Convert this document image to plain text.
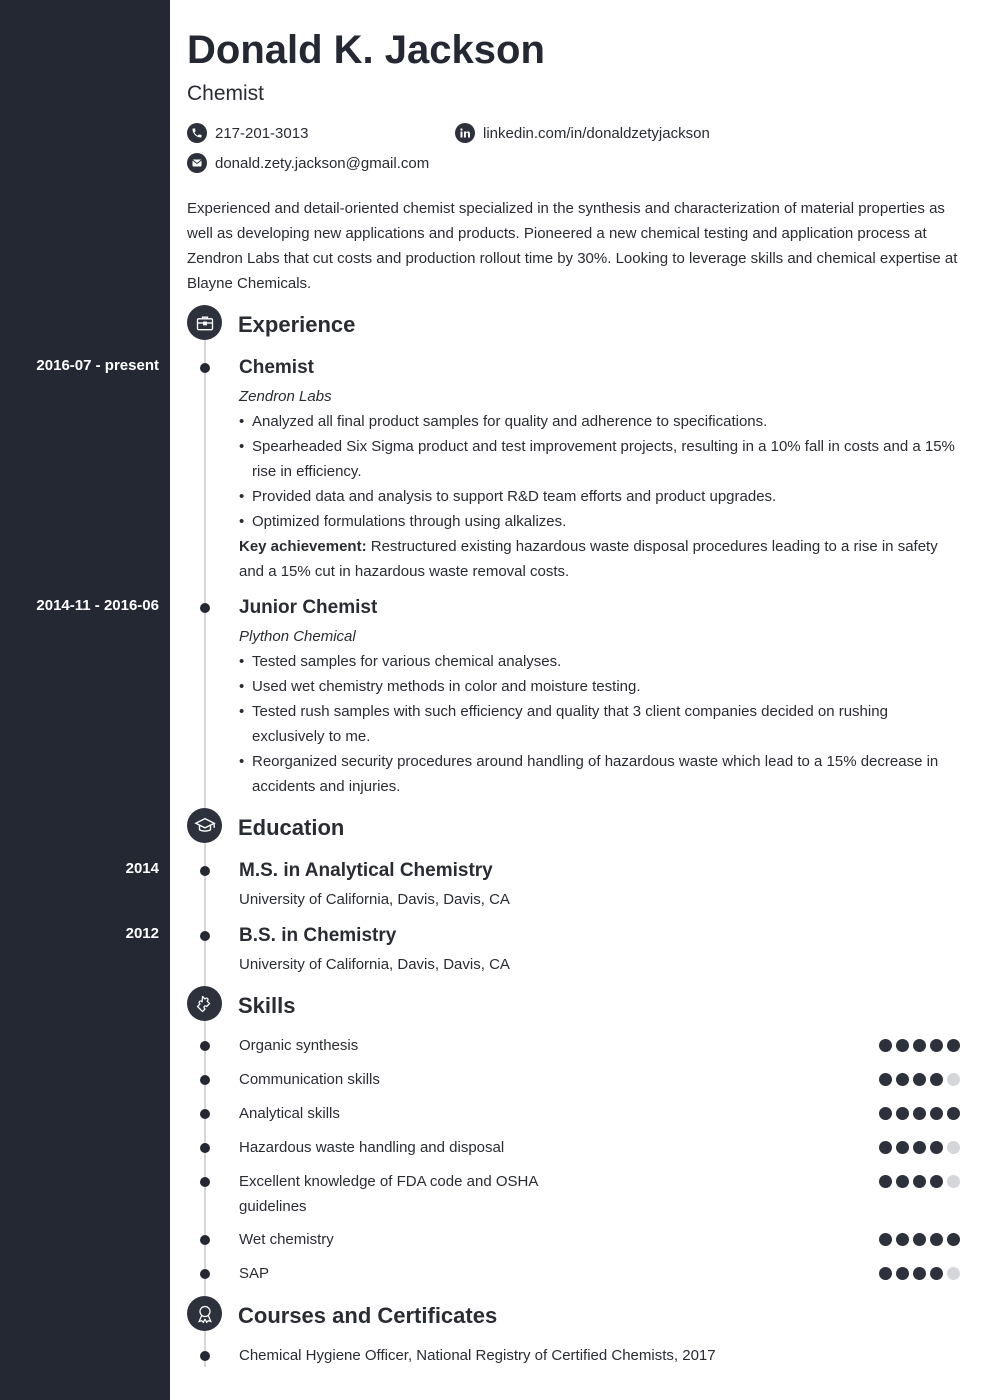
Donald K. Jackson
Chemist
217-201-3013	linkedin.com/in/donaldzetyjackson
donald.zety.jackson@gmail.com

Experienced and detail-oriented chemist specialized in the synthesis and characterization of material properties as well as developing new applications and products. Pioneered a new chemical testing and application process at Zendron Labs that cut costs and production rollout time by 30%. Looking to leverage skills and chemical expertise at Blayne Chemicals.

Experience
2016-07 - present	Chemist
Zendron Labs
• Analyzed all final product samples for quality and adherence to specifications.
• Spearheaded Six Sigma product and test improvement projects, resulting in a 10% fall in costs and a 15% rise in efficiency.
• Provided data and analysis to support R&D team efforts and product upgrades.
• Optimized formulations through using alkalizes.

Key achievement: Restructured existing hazardous waste disposal procedures leading to a rise in safety and a 15% cut in hazardous waste removal costs.

2014-11 - 2016-06	Junior Chemist
Plython Chemical
• Tested samples for various chemical analyses.
• Used wet chemistry methods in color and moisture testing.
• Tested rush samples with such efficiency and quality that 3 client companies decided on rushing exclusively to me.
• Reorganized security procedures around handling of hazardous waste which lead to a 15% decrease in accidents and injuries.
Education
2014	M.S. in Analytical Chemistry
University of California, Davis, Davis, CA
2012	B.S. in Chemistry
University of California, Davis, Davis, CA
Skills
Organic synthesis
Communication skills
Analytical skills
Hazardous waste handling and disposal
Excellent knowledge of FDA code and OSHA guidelines
Wet chemistry
SAP
Courses and Certificates
Chemical Hygiene Officer, National Registry of Certified Chemists, 2017
